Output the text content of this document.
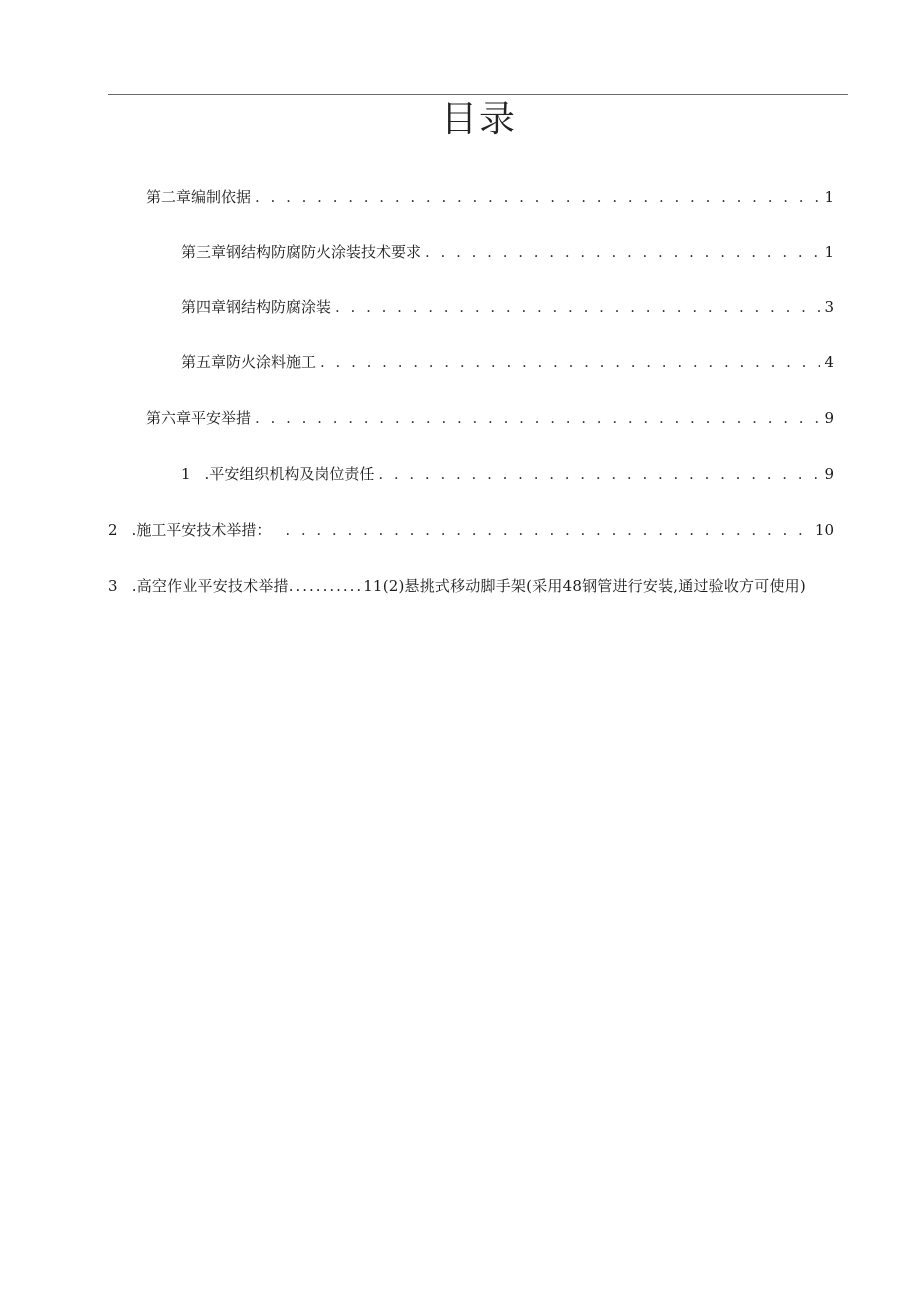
目录
第二章编制依据 . . .	1
第三章钢结构防腐防火涂装技术要求 . . .	1
第四章钢结构防腐涂装 . . .	3
第五章防火涂料施工 . . .	4
第六章平安举措 . . .	9
1 .平安组织机构及岗位责任 . . .	9
2 .施工平安技术举措： . . .	10
3 .高空作业平安技术举措...........11(2)悬挑式移动脚手架(采用48钢管进行安装,通过验收方可使用)
